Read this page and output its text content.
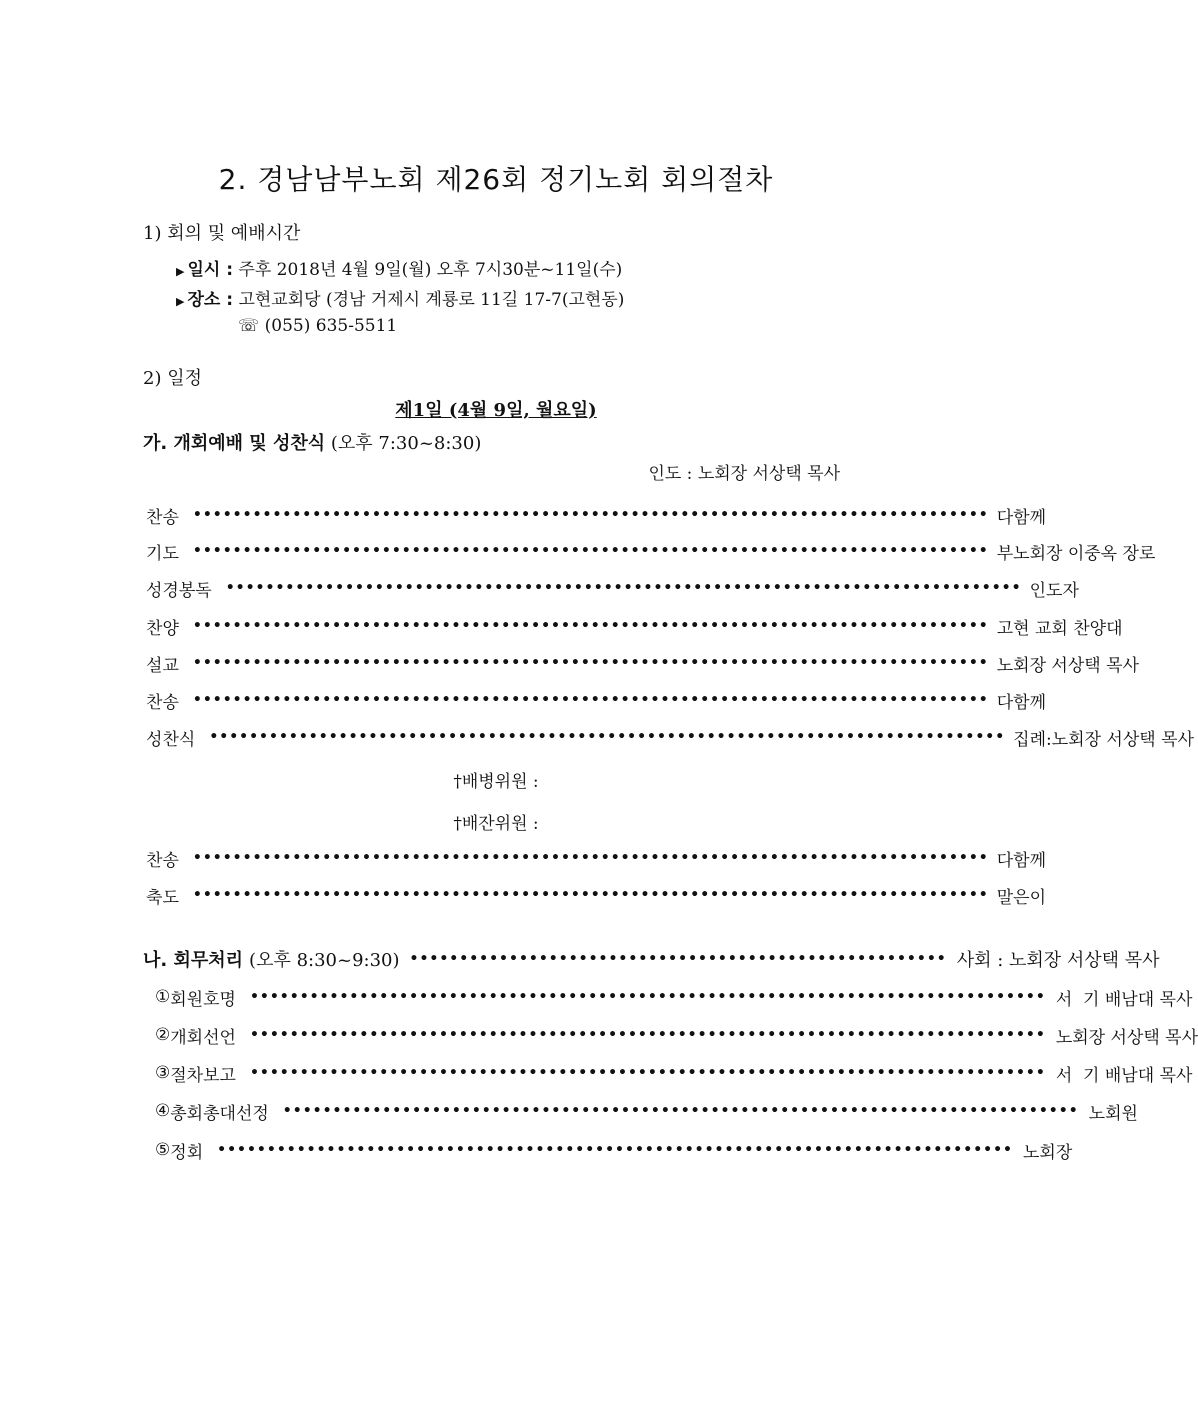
2. 경남남부노회 제26회 정기노회 회의절차
1) 회의 및 예배시간
▶ 일시 : 주후 2018년 4월 9일(월) 오후 7시30분~11일(수)
▶ 장소 : 고현교회당 (경남 거제시 계룡로 11길 17-7(고현동)
☏ (055) 635-5511
2) 일정
제1일 (4월 9일, 월요일)
가. 개회예배 및 성찬식 (오후 7:30~8:30)
인도 : 노회장 서상택 목사
찬 송 •••••••••••••••••••••••••••••••••••••••••••••••••••••••••••••••••••••••••••••••• 다 함 께
기 도 •••••••••••••••••••••••••••••••••••••••••••••••••••••••••••••••••••••••••••••••• 부노회장 이중옥 장로
성경봉독 •••••••••••••••••••••••••••••••••••••••••••••••••••••••••••••••••••••••••••••••• 인 도 자
찬 양 •••••••••••••••••••••••••••••••••••••••••••••••••••••••••••••••••••••••••••••••• 고현 교회 찬양대
설 교 •••••••••••••••••••••••••••••••••••••••••••••••••••••••••••••••••••••••••••••••• 노회장 서상택 목사
찬 송 •••••••••••••••••••••••••••••••••••••••••••••••••••••••••••••••••••••••••••••••• 다 함 께
성 찬 식 •••••••••••••••••••••••••••••••••••••••••••••••••••••••••••••••••••••••••••••••• 집례:노회장 서상택 목사
†배병위원 :
†배잔위원 :
찬 송 •••••••••••••••••••••••••••••••••••••••••••••••••••••••••••••••••••••••••••••••• 다 함 께
축 도 •••••••••••••••••••••••••••••••••••••••••••••••••••••••••••••••••••••••••••••••• 말 은 이
나. 회무처리 (오후 8:30~9:30) •••••••••••••••••••••••••••••••••••••••••••••••••••••• 사회 : 노회장 서상택 목사
① 회원호명 •••••••••••••••••••••••••••••••••••••••••••••••••••••••••••••••••••••••••••••••• 서  기 배남대 목사
② 개회선언 •••••••••••••••••••••••••••••••••••••••••••••••••••••••••••••••••••••••••••••••• 노회장 서상택 목사
③ 절차보고 •••••••••••••••••••••••••••••••••••••••••••••••••••••••••••••••••••••••••••••••• 서  기 배남대 목사
④ 총회총대선정 •••••••••••••••••••••••••••••••••••••••••••••••••••••••••••••••••••••••••••••••• 노 회 원
⑤ 정 회 •••••••••••••••••••••••••••••••••••••••••••••••••••••••••••••••••••••••••••••••• 노 회 장
